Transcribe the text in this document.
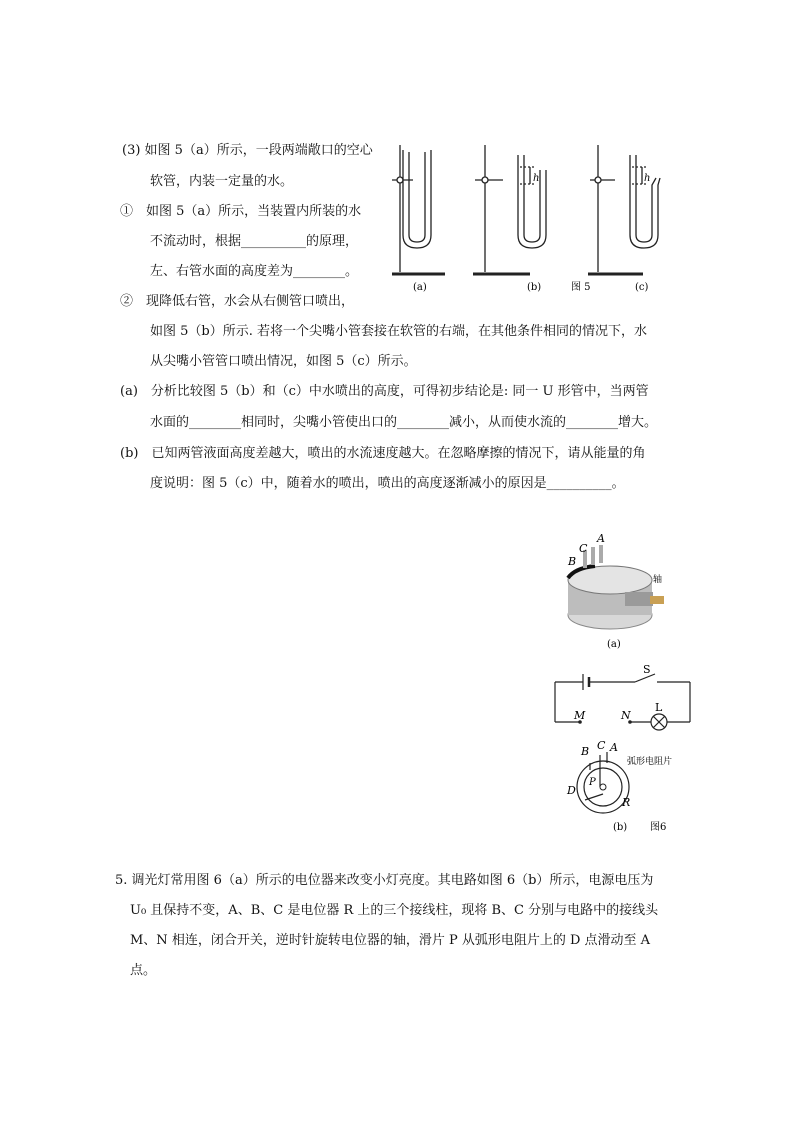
(3) 如图 5（a）所示，一段两端敞口的空心
软管，内装一定量的水。
①　如图 5（a）所示，当装置内所装的水
不流动时，根据__________的原理，
左、右管水面的高度差为________。
②　现降低右管，水会从右侧管口喷出，
如图 5（b）所示. 若将一个尖嘴小管套接在软管的右端，在其他条件相同的情况下，水
从尖嘴小管管口喷出情况，如图 5（c）所示。
(a)　分析比较图 5（b）和（c）中水喷出的高度，可得初步结论是: 同一 U 形管中，当两管
水面的________相同时，尖嘴小管使出口的________减小，从而使水流的________增大。
(b)　已知两管液面高度差越大，喷出的水流速度越大。在忽略摩擦的情况下，请从能量的角
度说明：图 5（c）中，随着水的喷出，喷出的高度逐渐减小的原因是__________。
h	h
(a)	(b)	图 5	(c)
A
C
B
轴
(a)
S
M	N
L
B C A
弧形电阻片
P
D
R
(b) 图6
5. 调光灯常用图 6（a）所示的电位器来改变小灯亮度。其电路如图 6（b）所示，电源电压为
U₀ 且保持不变，A、B、C 是电位器 R 上的三个接线柱，现将 B、C 分别与电路中的接线头
M、N 相连，闭合开关，逆时针旋转电位器的轴，滑片 P 从弧形电阻片上的 D 点滑动至 A
点。
